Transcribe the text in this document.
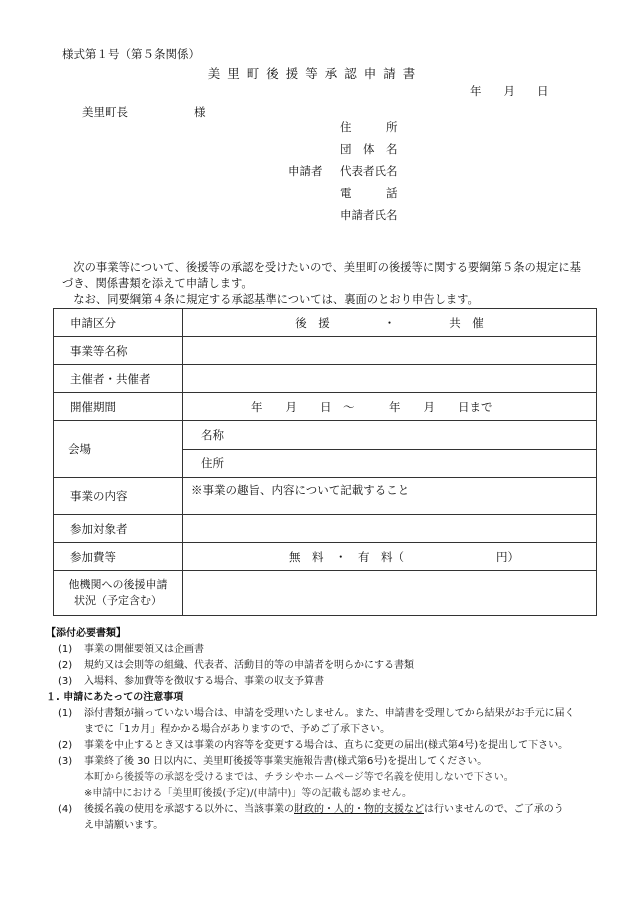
様式第１号（第５条関係）
美里町後援等承認申請書
年 月 日
美里町長	様
申請者
住　　　所
団　体　名
代表者氏名
電　　　話
申請者氏名

　次の事業等について、後援等の承認を受けたいので、美里町の後援等に関する要綱第５条の規定に基づき、関係書類を添えて申請します。

　なお、同要綱第４条に規定する承認基準については、裏面のとおり申告します。

申請区分	後　援 ・ 共　催

事業等名称	

主催者・共催者	

開催期間	年　　月　　日　～　　　年　　月　　日まで

会場	名称
	住所

事業の内容	※事業の趣旨、内容について記載すること

参加対象者	

参加費等	無　料　・　有　料（　　　　　　　　円）

他機関への後援申請
状況（予定含む）	

【添付必要書類】
(1) 事業の開催要領又は企画書
(2) 規約又は会則等の組織、代表者、活動目的等の申請者を明らかにする書類
(3) 入場料、参加費等を徴収する場合、事業の収支予算書
１. 申請にあたっての注意事項
(1) 添付書類が揃っていない場合は、申請を受理いたしません。また、申請書を受理してから結果がお手元に届く
までに「1カ月」程かかる場合がありますので、予めご了承下さい。
(2) 事業を中止するとき又は事業の内容等を変更する場合は、直ちに変更の届出(様式第4号)を提出して下さい。
(3) 事業終了後 30 日以内に、美里町後援等事業実施報告書(様式第6号)を提出してください。
本町から後援等の承認を受けるまでは、チラシやホームページ等で名義を使用しないで下さい。
※申請中における「美里町後援(予定)/(申請中)」等の記載も認めません。
(4) 後援名義の使用を承認する以外に、当該事業の財政的・人的・物的支援などは行いませんので、ご了承のう
え申請願います。
